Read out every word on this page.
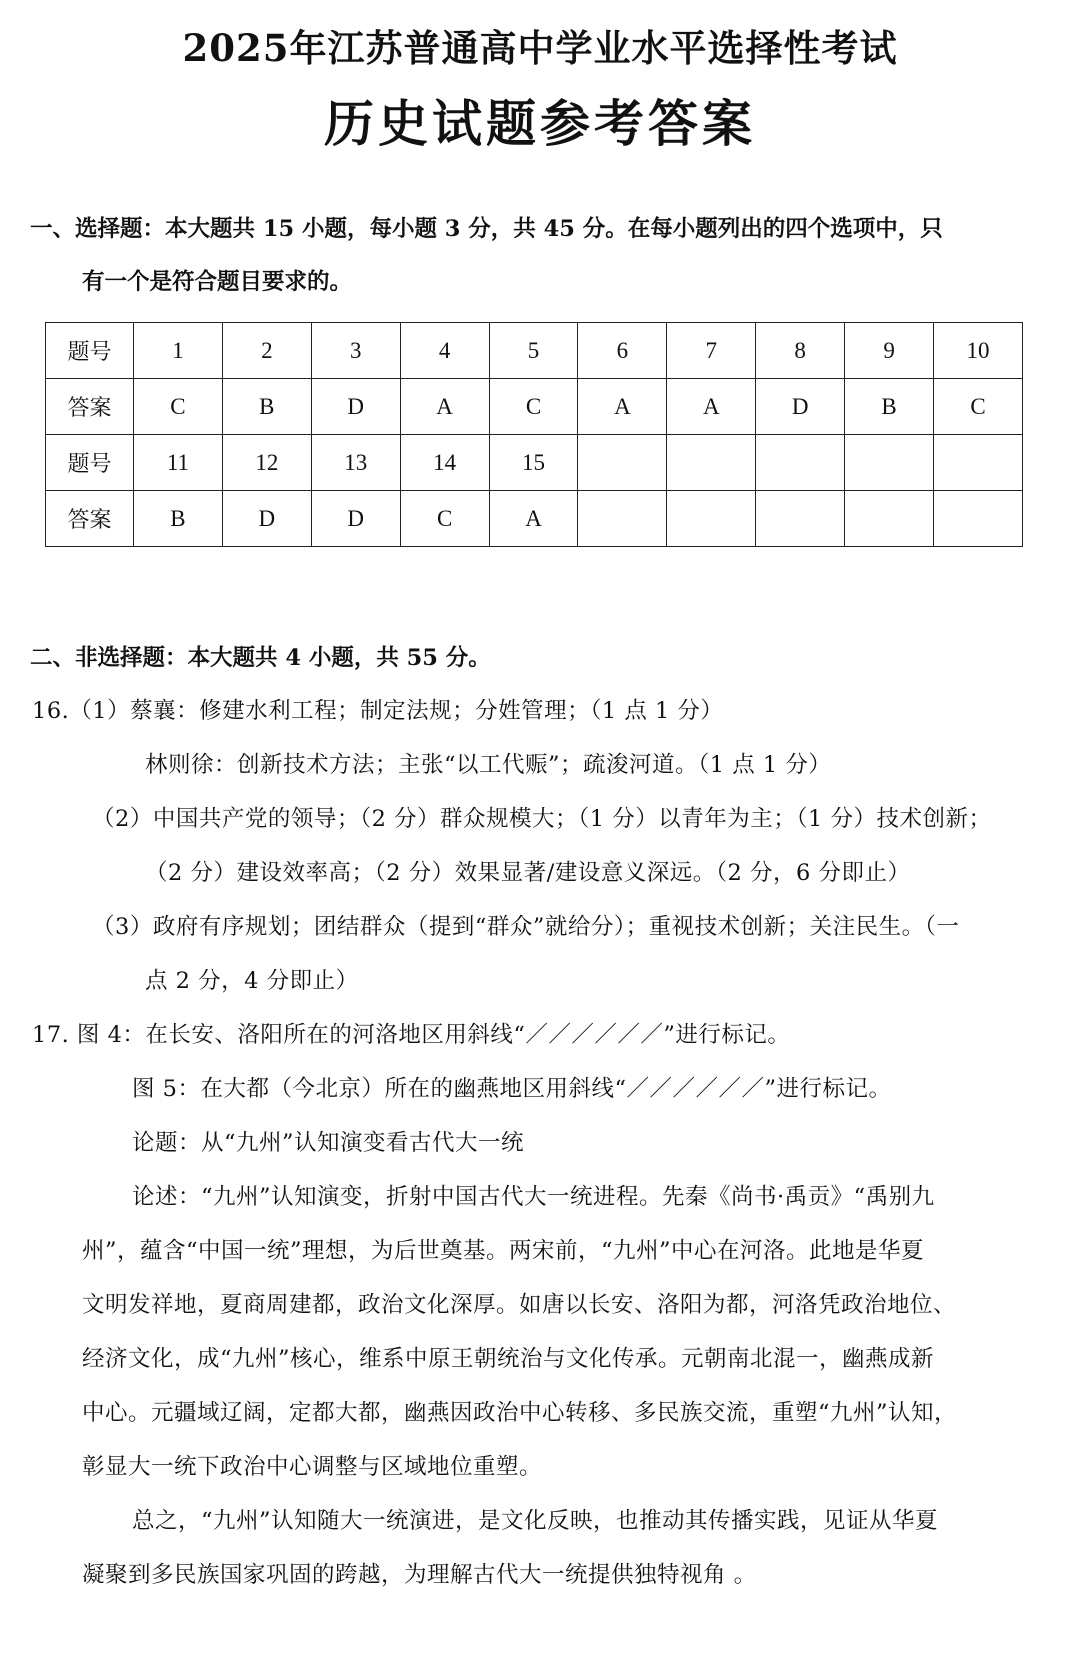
2025年江苏普通高中学业水平选择性考试
历史试题参考答案
一、选择题：本大题共 15 小题，每小题 3 分，共 45 分。在每小题列出的四个选项中，只
有一个是符合题目要求的。
题号	1	2	3	4	5	6	7	8	9	10
答案	C	B	D	A	C	A	A	D	B	C
题号	11	12	13	14	15					
答案	B	D	D	C	A					
二、非选择题：本大题共 4 小题，共 55 分。
16.（1）蔡襄：修建水利工程；制定法规；分姓管理；（1 点 1 分）
林则徐：创新技术方法；主张“以工代赈”；疏浚河道。（1 点 1 分）
（2）中国共产党的领导；（2 分）群众规模大；（1 分）以青年为主；（1 分）技术创新；
（2 分）建设效率高；（2 分）效果显著/建设意义深远。（2 分，6 分即止）
（3）政府有序规划；团结群众（提到“群众”就给分）；重视技术创新；关注民生。（一
点 2 分，4 分即止）
17. 图 4：在长安、洛阳所在的河洛地区用斜线“／／／／／／”进行标记。
图 5：在大都（今北京）所在的幽燕地区用斜线“／／／／／／”进行标记。
论题：从“九州”认知演变看古代大一统
论述：“九州”认知演变，折射中国古代大一统进程。先秦《尚书·禹贡》“禹别九
州”，蕴含“中国一统”理想，为后世奠基。两宋前，“九州”中心在河洛。此地是华夏
文明发祥地，夏商周建都，政治文化深厚。如唐以长安、洛阳为都，河洛凭政治地位、
经济文化，成“九州”核心，维系中原王朝统治与文化传承。元朝南北混一，幽燕成新
中心。元疆域辽阔，定都大都，幽燕因政治中心转移、多民族交流，重塑“九州”认知，
彰显大一统下政治中心调整与区域地位重塑。
总之，“九州”认知随大一统演进，是文化反映，也推动其传播实践，见证从华夏
凝聚到多民族国家巩固的跨越，为理解古代大一统提供独特视角 。
